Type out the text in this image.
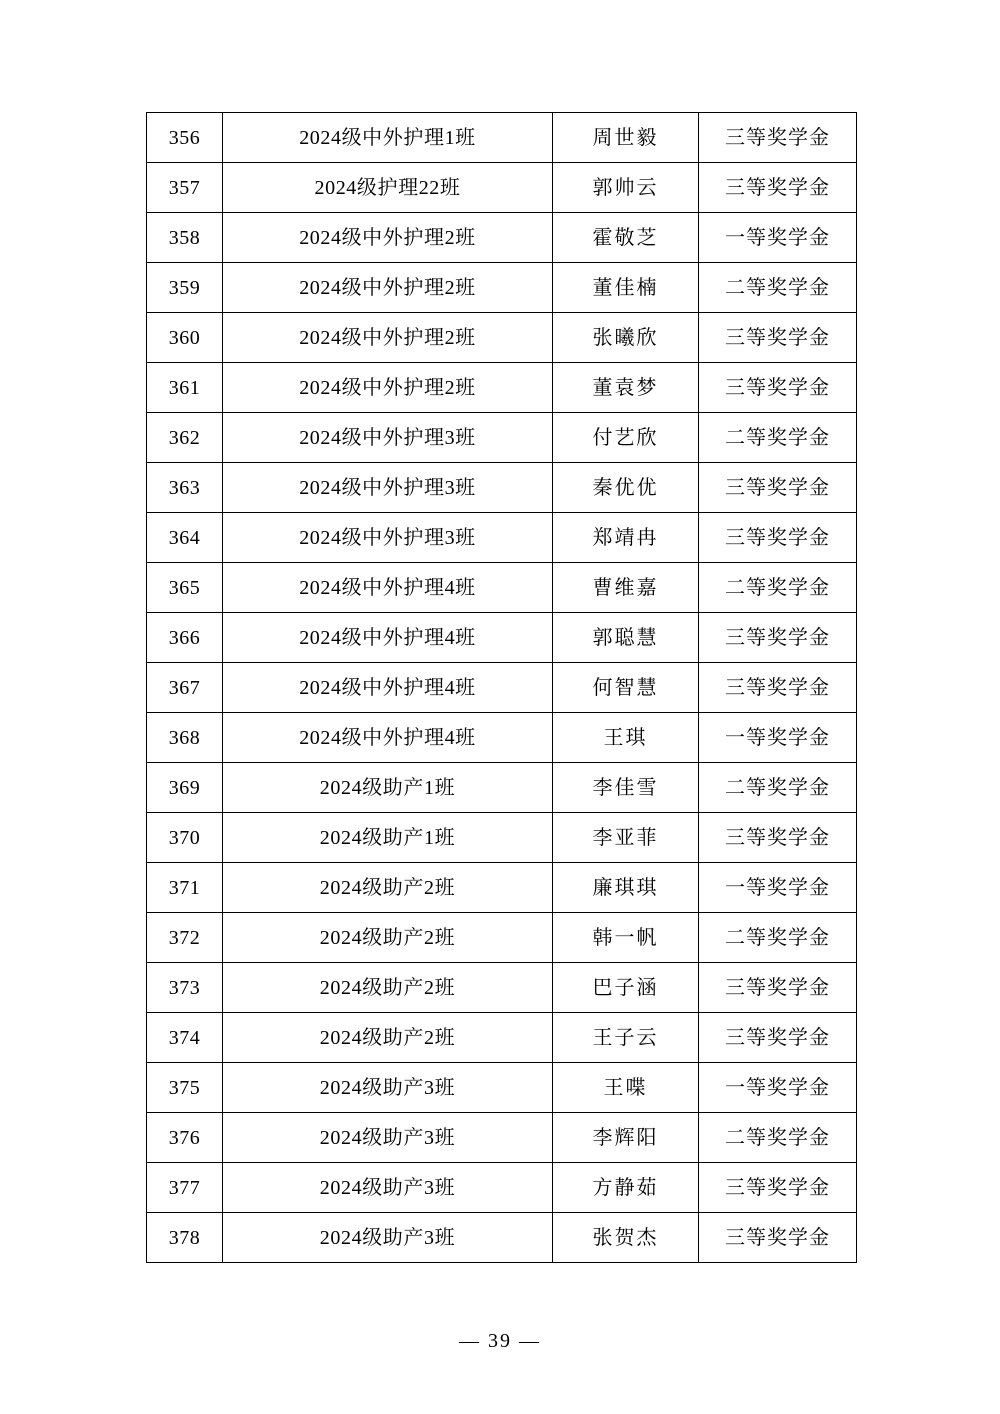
356	2024级中外护理1班	周世毅	三等奖学金
357	2024级护理22班	郭帅云	三等奖学金
358	2024级中外护理2班	霍敬芝	一等奖学金
359	2024级中外护理2班	董佳楠	二等奖学金
360	2024级中外护理2班	张曦欣	三等奖学金
361	2024级中外护理2班	董袁梦	三等奖学金
362	2024级中外护理3班	付艺欣	二等奖学金
363	2024级中外护理3班	秦优优	三等奖学金
364	2024级中外护理3班	郑靖冉	三等奖学金
365	2024级中外护理4班	曹维嘉	二等奖学金
366	2024级中外护理4班	郭聪慧	三等奖学金
367	2024级中外护理4班	何智慧	三等奖学金
368	2024级中外护理4班	王琪	一等奖学金
369	2024级助产1班	李佳雪	二等奖学金
370	2024级助产1班	李亚菲	三等奖学金
371	2024级助产2班	廉琪琪	一等奖学金
372	2024级助产2班	韩一帆	二等奖学金
373	2024级助产2班	巴子涵	三等奖学金
374	2024级助产2班	王子云	三等奖学金
375	2024级助产3班	王喋	一等奖学金
376	2024级助产3班	李辉阳	二等奖学金
377	2024级助产3班	方静茹	三等奖学金
378	2024级助产3班	张贺杰	三等奖学金
— 39 —
